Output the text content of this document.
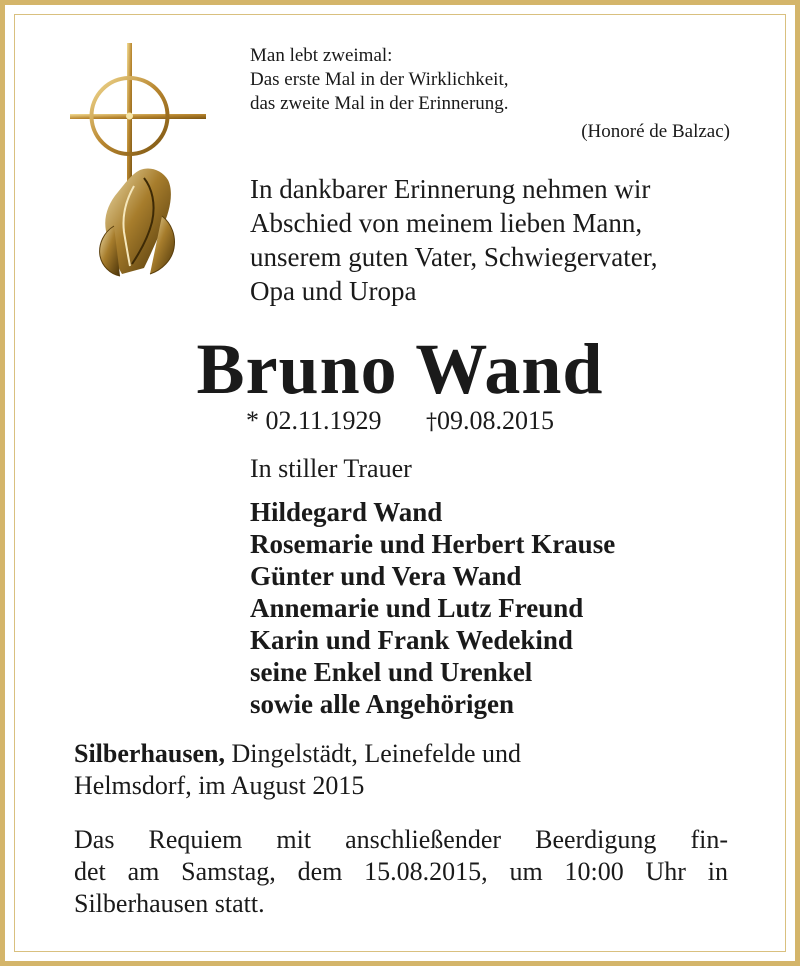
Man lebt zweimal:
Das erste Mal in der Wirklichkeit,
das zweite Mal in der Erinnerung.
(Honoré de Balzac)
In dankbarer Erinnerung nehmen wir
Abschied von meinem lieben Mann,
unserem guten Vater, Schwiegervater,
Opa und Uropa
Bruno Wand
* 02.11.1929 †09.08.2015
In stiller Trauer
Hildegard Wand
Rosemarie und Herbert Krause
Günter und Vera Wand
Annemarie und Lutz Freund
Karin und Frank Wedekind
seine Enkel und Urenkel
sowie alle Angehörigen
Silberhausen, Dingelstädt, Leinefelde und
Helmsdorf, im August 2015
Das Requiem mit anschließender Beerdigung fin-
det am Samstag, dem 15.08.2015, um 10:00 Uhr in
Silberhausen statt.
